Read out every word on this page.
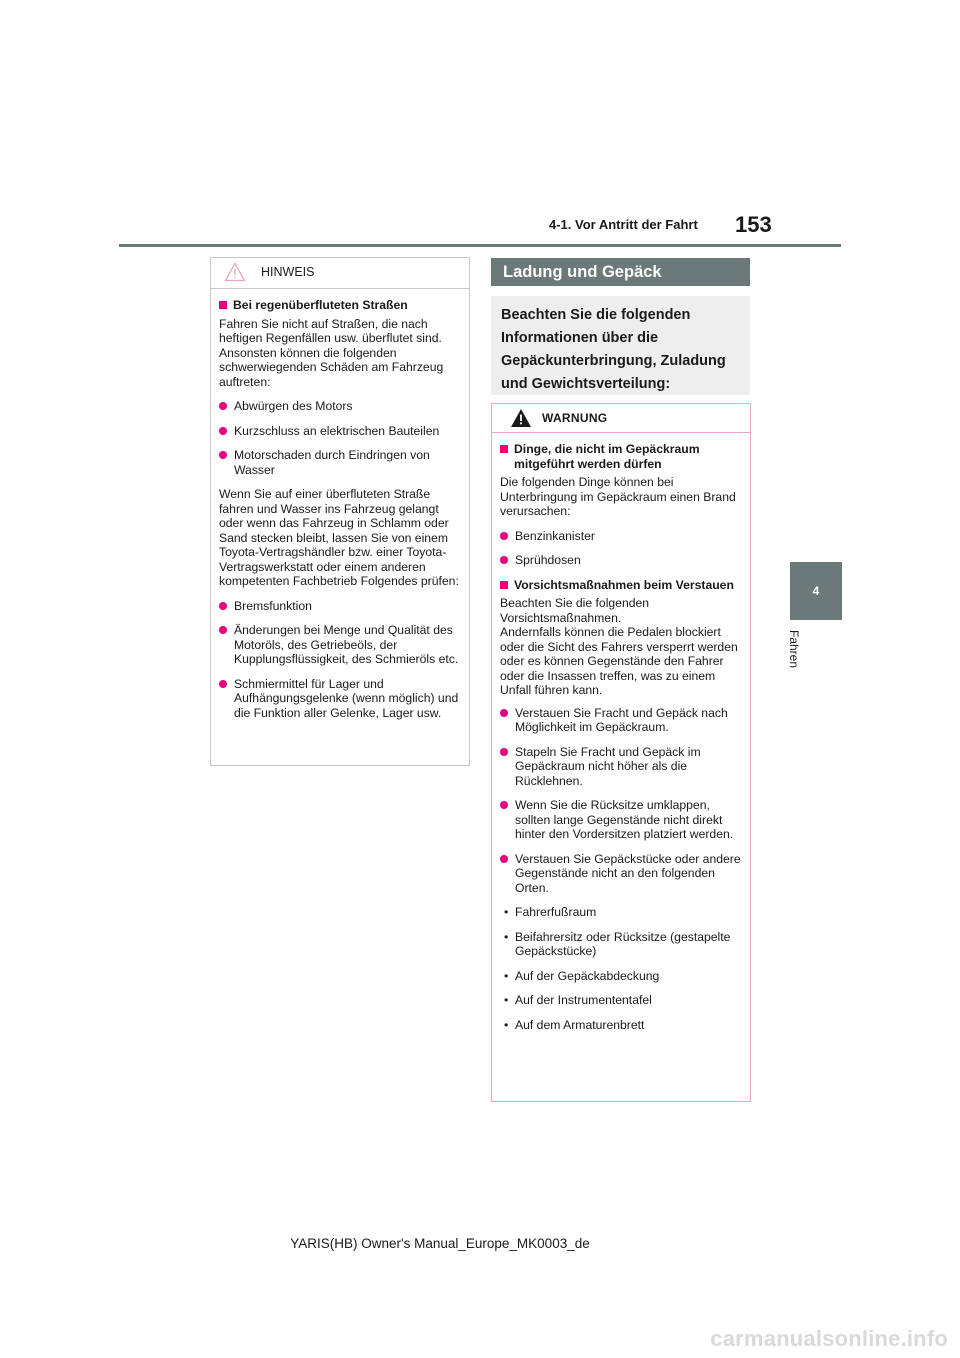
4-1. Vor Antritt der Fahrt 153
4
Fahren
HINWEIS
Bei regenüberfluteten Straßen

Fahren Sie nicht auf Straßen, die nach heftigen Regenfällen usw. überflutet sind. Ansonsten können die folgenden schwerwiegenden Schäden am Fahrzeug auftreten:

Abwürgen des Motors
Kurzschluss an elektrischen Bauteilen
Motorschaden durch Eindringen von Wasser

Wenn Sie auf einer überfluteten Straße fahren und Wasser ins Fahrzeug gelangt oder wenn das Fahrzeug in Schlamm oder Sand stecken bleibt, lassen Sie von einem Toyota-Vertragshändler bzw. einer Toyota-Vertragswerkstatt oder einem anderen kompetenten Fachbetrieb Folgendes prüfen:

Bremsfunktion
Änderungen bei Menge und Qualität des Motoröls, des Getriebeöls, der Kupplungsflüssigkeit, des Schmieröls etc.
Schmiermittel für Lager und Aufhängungsgelenke (wenn möglich) und die Funktion aller Gelenke, Lager usw.
Ladung und Gepäck
Beachten Sie die folgenden Informationen über die Gepäckunterbringung, Zuladung und Gewichtsverteilung:
WARNUNG
Dinge, die nicht im Gepäckraum mitgeführt werden dürfen

Die folgenden Dinge können bei Unterbringung im Gepäckraum einen Brand verursachen:

Benzinkanister
Sprühdosen
Vorsichtsmaßnahmen beim Verstauen

Beachten Sie die folgenden Vorsichtsmaßnahmen.

Andernfalls können die Pedalen blockiert oder die Sicht des Fahrers versperrt werden oder es können Gegenstände den Fahrer oder die Insassen treffen, was zu einem Unfall führen kann.

Verstauen Sie Fracht und Gepäck nach Möglichkeit im Gepäckraum.
Stapeln Sie Fracht und Gepäck im Gepäckraum nicht höher als die Rücklehnen.
Wenn Sie die Rücksitze umklappen, sollten lange Gegenstände nicht direkt hinter den Vordersitzen platziert werden.
Verstauen Sie Gepäckstücke oder andere Gegenstände nicht an den folgenden Orten.
• Fahrerfußraum
• Beifahrersitz oder Rücksitze (gestapelte Gepäckstücke)
• Auf der Gepäckabdeckung
• Auf der Instrumententafel
• Auf dem Armaturenbrett
YARIS(HB) Owner's Manual_Europe_MK0003_de
carmanualsonline.info
